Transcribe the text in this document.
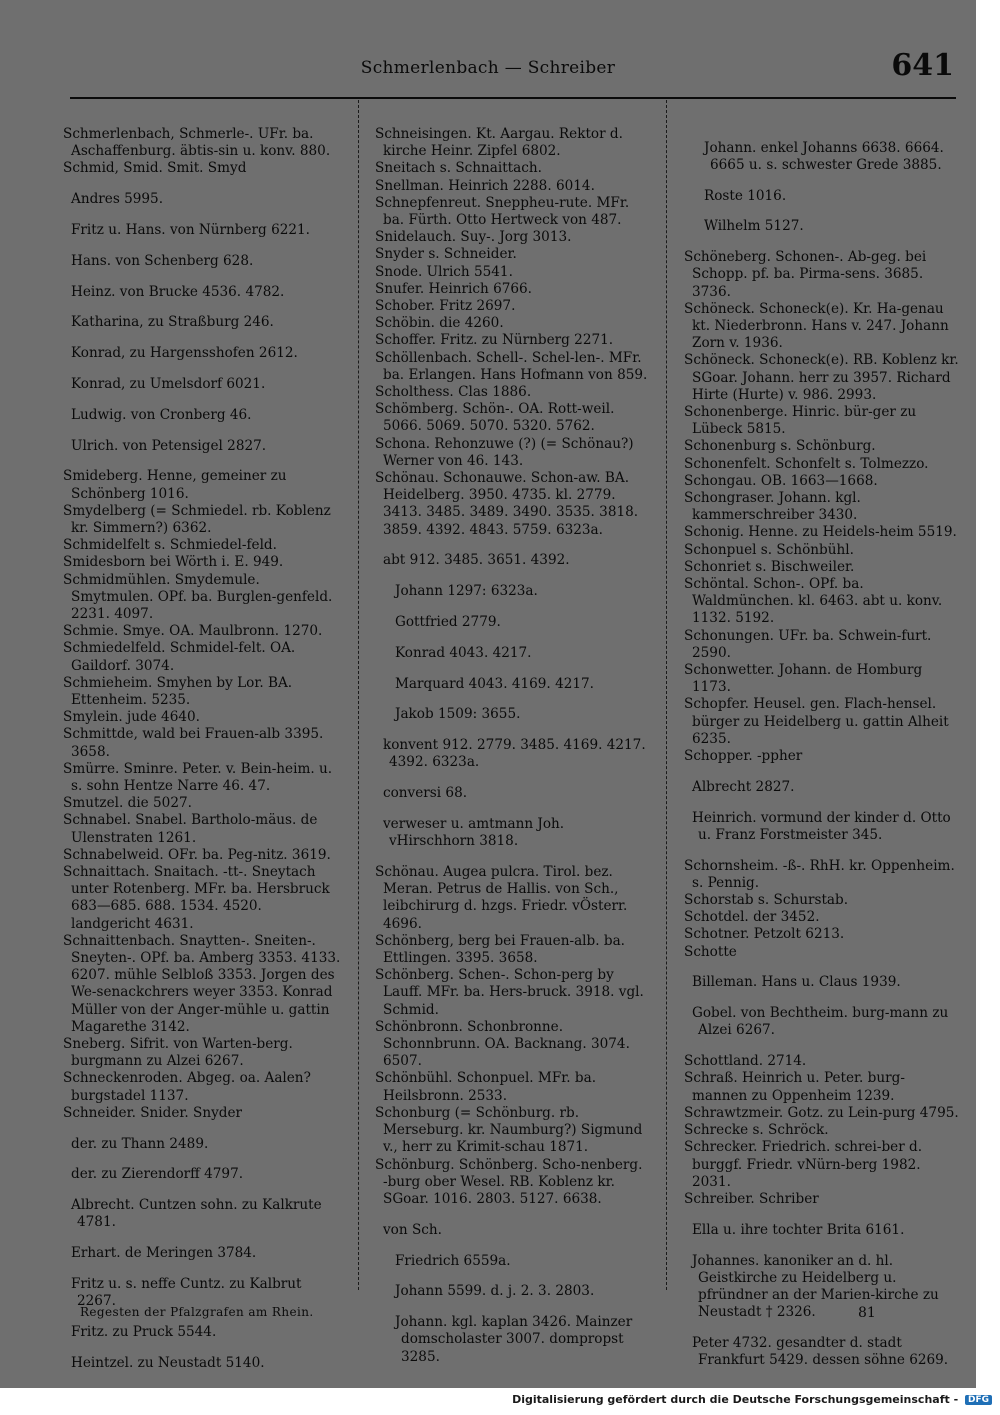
Schmerlenbach — Schreiber	641

Schmerlenbach, Schmerle-. UFr. ba. Aschaffenburg. äbtis-sin u. konv. 880.

Schmid, Smid. Smit. Smyd

Andres 5995.

Fritz u. Hans. von Nürnberg 6221.

Hans. von Schenberg 628.

Heinz. von Brucke 4536. 4782.

Katharina, zu Straßburg 246.

Konrad, zu Hargensshofen 2612.

Konrad, zu Umelsdorf 6021.

Ludwig. von Cronberg 46.

Ulrich. von Petensigel 2827.

Smideberg. Henne, gemeiner zu Schönberg 1016.

Smydelberg (= Schmiedel. rb. Koblenz kr. Simmern?) 6362.

Schmidelfelt s. Schmiedel-feld.

Smidesborn bei Wörth i. E. 949.

Schmidmühlen. Smydemule. Smytmulen. OPf. ba. Burglen-genfeld. 2231. 4097.

Schmie. Smye. OA. Maulbronn. 1270.

Schmiedelfeld. Schmidel-felt. OA. Gaildorf. 3074.

Schmieheim. Smyhen by Lor. BA. Ettenheim. 5235.

Smylein. jude 4640.

Schmittde, wald bei Frauen-alb 3395. 3658.

Smürre. Sminre. Peter. v. Bein-heim. u. s. sohn Hentze Narre 46. 47.

Smutzel. die 5027.

Schnabel. Snabel. Bartholo-mäus. de Ulenstraten 1261.

Schnabelweid. OFr. ba. Peg-nitz. 3619.

Schnaittach. Snaitach. -tt-. Sneytach unter Rotenberg. MFr. ba. Hersbruck 683—685. 688. 1534. 4520. landgericht 4631.

Schnaittenbach. Snaytten-. Sneiten-. Sneyten-. OPf. ba. Amberg 3353. 4133. 6207. mühle Selbloß 3353. Jorgen des We-senackchrers weyer 3353. Konrad Müller von der Anger-mühle u. gattin Magarethe 3142.

Sneberg. Sifrit. von Warten-berg. burgmann zu Alzei 6267.

Schneckenroden. Abgeg. oa. Aalen? burgstadel 1137.

Schneider. Snider. Snyder

der. zu Thann 2489.

der. zu Zierendorff 4797.

Albrecht. Cuntzen sohn. zu Kalkrute 4781.

Erhart. de Meringen 3784.

Fritz u. s. neffe Cuntz. zu Kalbrut 2267.

Fritz. zu Pruck 5544.

Heintzel. zu Neustadt 5140.

Schneisingen. Kt. Aargau. Rektor d. kirche Heinr. Zipfel 6802.

Sneitach s. Schnaittach.

Snellman. Heinrich 2288. 6014.

Schnepfenreut. Sneppheu-rute. MFr. ba. Fürth. Otto Hertweck von 487.

Snidelauch. Suy-. Jorg 3013.

Snyder s. Schneider.

Snode. Ulrich 5541.

Snufer. Heinrich 6766.

Schober. Fritz 2697.

Schöbin. die 4260.

Schoffer. Fritz. zu Nürnberg 2271.

Schöllenbach. Schell-. Schel-len-. MFr. ba. Erlangen. Hans Hofmann von 859.

Scholthess. Clas 1886.

Schömberg. Schön-. OA. Rott-weil. 5066. 5069. 5070. 5320. 5762.

Schona. Rehonzuwe (?) (= Schönau?) Werner von 46. 143.

Schönau. Schonauwe. Schon-aw. BA. Heidelberg. 3950. 4735. kl. 2779. 3413. 3485. 3489. 3490. 3535. 3818. 3859. 4392. 4843. 5759. 6323a.

abt 912. 3485. 3651. 4392.

Johann 1297: 6323a.

Gottfried 2779.

Konrad 4043. 4217.

Marquard 4043. 4169. 4217.

Jakob 1509: 3655.

konvent 912. 2779. 3485. 4169. 4217. 4392. 6323a.

conversi 68.

verweser u. amtmann Joh. vHirschhorn 3818.

Schönau. Augea pulcra. Tirol. bez. Meran. Petrus de Hallis. von Sch., leibchirurg d. hzgs. Friedr. vÖsterr. 4696.

Schönberg, berg bei Frauen-alb. ba. Ettlingen. 3395. 3658.

Schönberg. Schen-. Schon-perg by Lauff. MFr. ba. Hers-bruck. 3918. vgl. Schmid.

Schönbronn. Schonbronne. Schonnbrunn. OA. Backnang. 3074. 6507.

Schönbühl. Schonpuel. MFr. ba. Heilsbronn. 2533.

Schonburg (= Schönburg. rb. Merseburg. kr. Naumburg?) Sigmund v., herr zu Krimit-schau 1871.

Schönburg. Schönberg. Scho-nenberg. -burg ober Wesel. RB. Koblenz kr. SGoar. 1016. 2803. 5127. 6638.

von Sch.

Friedrich 6559a.

Johann 5599. d. j. 2. 3. 2803.

Johann. kgl. kaplan 3426. Mainzer domscholaster 3007. dompropst 3285.

Johann. enkel Johanns 6638. 6664. 6665 u. s. schwester Grede 3885.

Roste 1016.

Wilhelm 5127.

Schöneberg. Schonen-. Ab-geg. bei Schopp. pf. ba. Pirma-sens. 3685. 3736.

Schöneck. Schoneck(e). Kr. Ha-genau kt. Niederbronn. Hans v. 247. Johann Zorn v. 1936.

Schöneck. Schoneck(e). RB. Koblenz kr. SGoar. Johann. herr zu 3957. Richard Hirte (Hurte) v. 986. 2993.

Schonenberge. Hinric. bür-ger zu Lübeck 5815.

Schonenburg s. Schönburg.

Schonenfelt. Schonfelt s. Tolmezzo.

Schongau. OB. 1663—1668.

Schongraser. Johann. kgl. kammerschreiber 3430.

Schonig. Henne. zu Heidels-heim 5519.

Schonpuel s. Schönbühl.

Schonriet s. Bischweiler.

Schöntal. Schon-. OPf. ba. Waldmünchen. kl. 6463. abt u. konv. 1132. 5192.

Schonungen. UFr. ba. Schwein-furt. 2590.

Schonwetter. Johann. de Homburg 1173.

Schopfer. Heusel. gen. Flach-hensel. bürger zu Heidelberg u. gattin Alheit 6235.

Schopper. -ppher

Albrecht 2827.

Heinrich. vormund der kinder d. Otto u. Franz Forstmeister 345.

Schornsheim. -ß-. RhH. kr. Oppenheim. s. Pennig.

Schorstab s. Schurstab.

Schotdel. der 3452.

Schotner. Petzolt 6213.

Schotte

Billeman. Hans u. Claus 1939.

Gobel. von Bechtheim. burg-mann zu Alzei 6267.

Schottland. 2714.

Schraß. Heinrich u. Peter. burg-mannen zu Oppenheim 1239.

Schrawtzmeir. Gotz. zu Lein-purg 4795.

Schrecke s. Schröck.

Schrecker. Friedrich. schrei-ber d. burggf. Friedr. vNürn-berg 1982. 2031.

Schreiber. Schriber

Ella u. ihre tochter Brita 6161.

Johannes. kanoniker an d. hl. Geistkirche zu Heidelberg u. pfründner an der Marien-kirche zu Neustadt † 2326.

Peter 4732. gesandter d. stadt Frankfurt 5429. dessen söhne 6269.

Regesten der Pfalzgrafen am Rhein.	81
Digitalisierung gefördert durch die Deutsche Forschungsgemeinschaft - DFG
